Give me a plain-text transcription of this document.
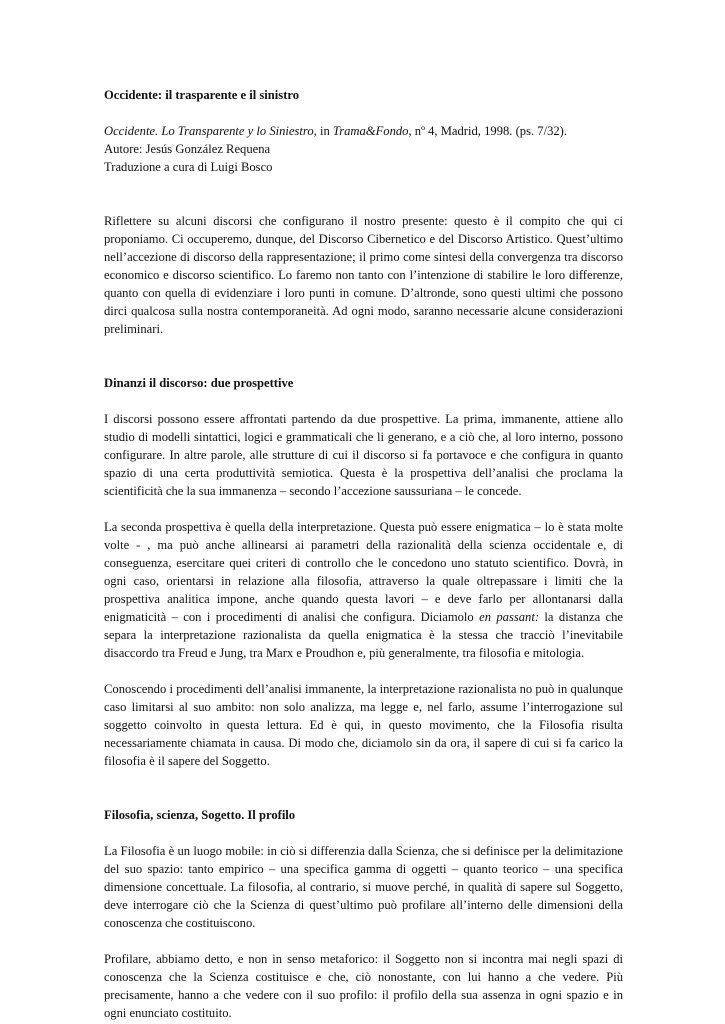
Occidente: il trasparente e il sinistro

Occidente. Lo Transparente y lo Siniestro, in Trama&Fondo, nº 4, Madrid, 1998. (ps. 7/32).

Autore: Jesús González Requena

Traduzione a cura di Luigi Bosco

Riflettere su alcuni discorsi che configurano il nostro presente: questo è il compito che qui ci proponiamo. Ci occuperemo, dunque, del Discorso Cibernetico e del Discorso Artistico. Quest’ultimo nell’accezione di discorso della rappresentazione; il primo come sintesi della convergenza tra discorso economico e discorso scientifico. Lo faremo non tanto con l’intenzione di stabilire le loro differenze, quanto con quella di evidenziare i loro punti in comune. D’altronde, sono questi ultimi che possono dirci qualcosa sulla nostra contemporaneità. Ad ogni modo, saranno necessarie alcune considerazioni preliminari.

Dinanzi il discorso: due prospettive

I discorsi possono essere affrontati partendo da due prospettive. La prima, immanente, attiene allo studio di modelli sintattici, logici e grammaticali che li generano, e a ciò che, al loro interno, possono configurare. In altre parole, alle strutture di cui il discorso si fa portavoce e che configura in quanto spazio di una certa produttività semiotica. Questa è la prospettiva dell’analisi che proclama la scientificità che la sua immanenza – secondo l’accezione saussuriana – le concede.

La seconda prospettiva è quella della interpretazione. Questa può essere enigmatica – lo è stata molte volte - , ma può anche allinearsi ai parametri della razionalità della scienza occidentale e, di conseguenza, esercitare quei criteri di controllo che le concedono uno statuto scientifico. Dovrà, in ogni caso, orientarsi in relazione alla filosofia, attraverso la quale oltrepassare i limiti che la prospettiva analitica impone, anche quando questa lavori – e deve farlo per allontanarsi dalla enigmaticità – con i procedimenti di analisi che configura. Diciamolo en passant: la distanza che separa la interpretazione razionalista da quella enigmatica è la stessa che tracciò l’inevitabile disaccordo tra Freud e Jung, tra Marx e Proudhon e, più generalmente, tra filosofia e mitologia.

Conoscendo i procedimenti dell’analisi immanente, la interpretazione razionalista no può in qualunque caso limitarsi al suo ambito: non solo analizza, ma legge e, nel farlo, assume l’interrogazione sul soggetto coinvolto in questa lettura. Ed è qui, in questo movimento, che la Filosofia risulta necessariamente chiamata in causa. Di modo che, diciamolo sin da ora, il sapere di cui si fa carico la filosofia è il sapere del Soggetto.

Filosofia, scienza, Sogetto. Il profilo

La Filosofia è un luogo mobile: in ciò si differenzia dalla Scienza, che si definisce per la delimitazione del suo spazio: tanto empirico – una specifica gamma di oggetti – quanto teorico – una specifica dimensione concettuale. La filosofia, al contrario, si muove perché, in qualità di sapere sul Soggetto, deve interrogare ciò che la Scienza di quest’ultimo può profilare all’interno delle dimensioni della conoscenza che costituiscono.

Profilare, abbiamo detto, e non in senso metaforico: il Soggetto non si incontra mai negli spazi di conoscenza che la Scienza costituisce e che, ciò nonostante, con lui hanno a che vedere. Più precisamente, hanno a che vedere con il suo profilo: il profilo della sua assenza in ogni spazio e in ogni enunciato costituito.
